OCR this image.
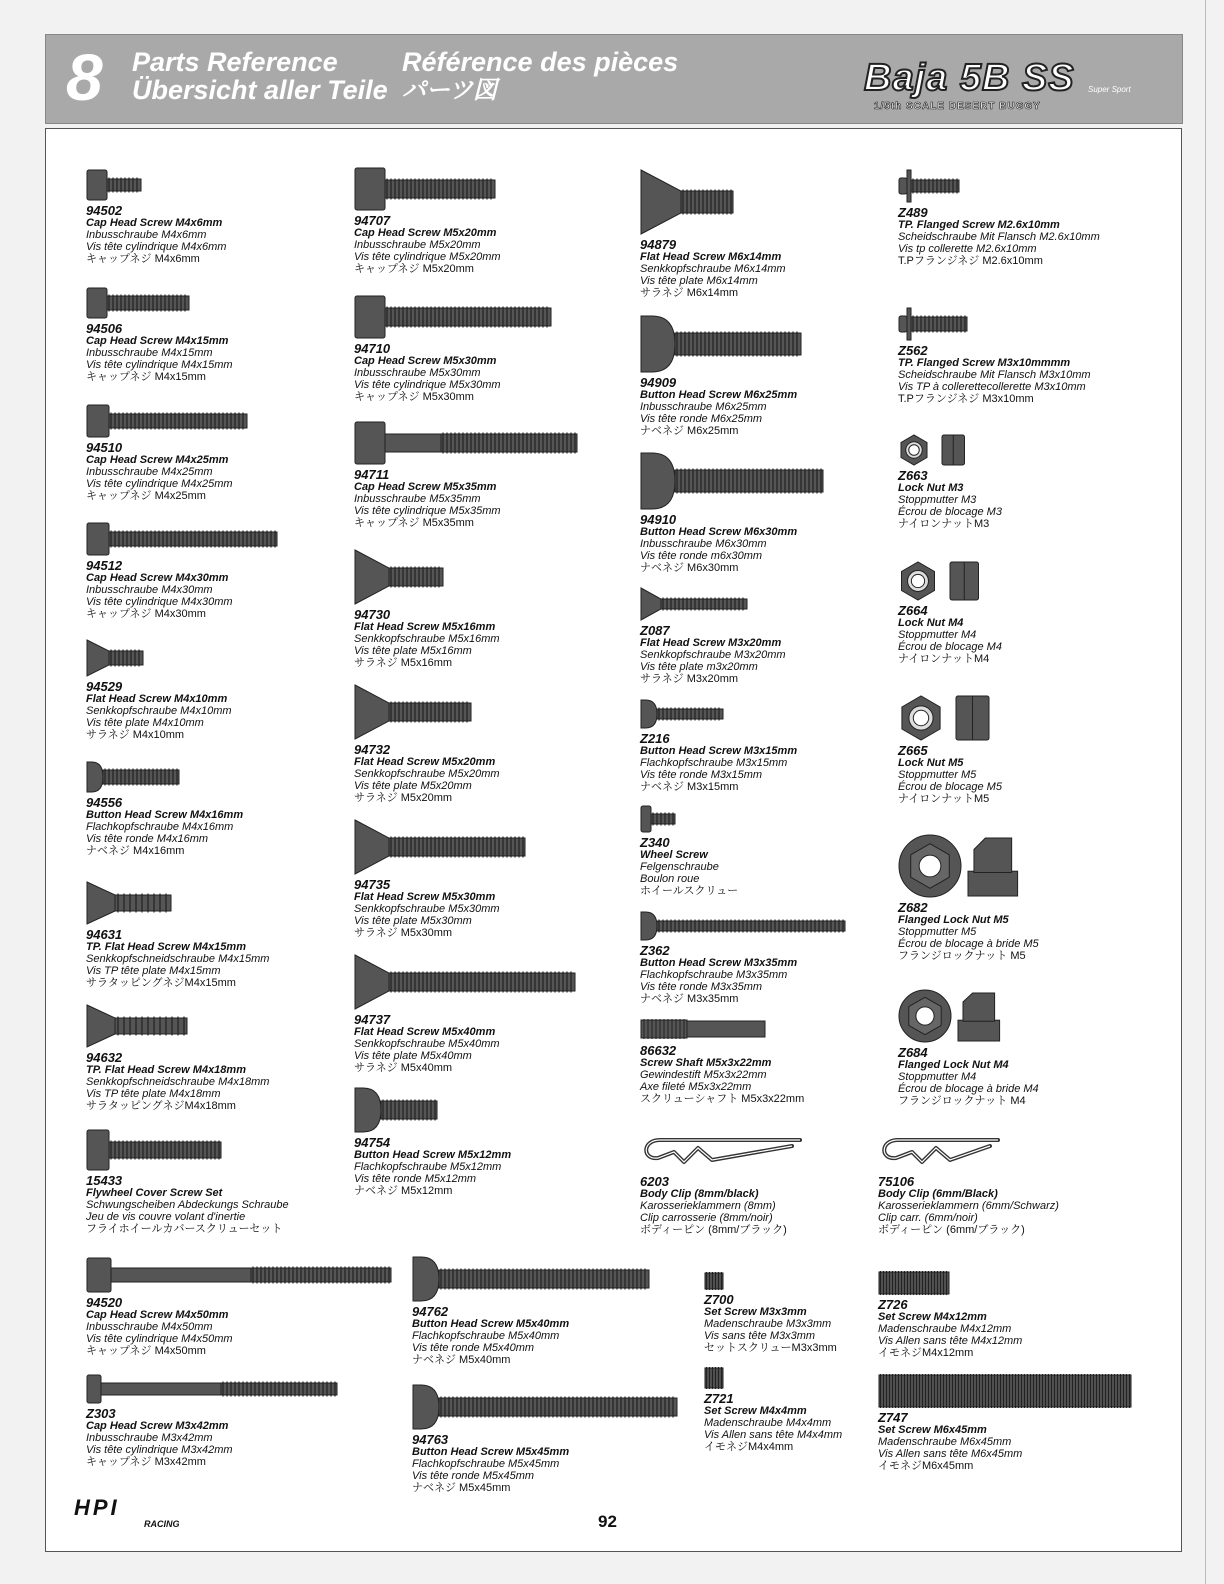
8 Parts Reference
Übersicht aller Teile
Référence des pièces
パーツ図	Baja 5B SS Super Sport
1/5th SCALE DESERT BUGGY
HPI
RACING	92
94502
Cap Head Screw M4x6mm
Inbusschraube M4x6mm
Vis tête cylindrique M4x6mm
キャップネジ M4x6mm
94506
Cap Head Screw M4x15mm
Inbusschraube M4x15mm
Vis tête cylindrique M4x15mm
キャップネジ M4x15mm
94510
Cap Head Screw M4x25mm
Inbusschraube M4x25mm
Vis tête cylindrique M4x25mm
キャップネジ M4x25mm
94512
Cap Head Screw M4x30mm
Inbusschraube M4x30mm
Vis tête cylindrique M4x30mm
キャップネジ M4x30mm
94529
Flat Head Screw M4x10mm
Senkkopfschraube M4x10mm
Vis tête plate M4x10mm
サラネジ M4x10mm
94556
Button Head Screw M4x16mm
Flachkopfschraube M4x16mm
Vis tête ronde M4x16mm
ナベネジ M4x16mm
94631
TP. Flat Head Screw M4x15mm
Senkkopfschneidschraube M4x15mm
Vis TP tête plate M4x15mm
サラタッピングネジM4x15mm
94632
TP. Flat Head Screw M4x18mm
Senkkopfschneidschraube M4x18mm
Vis TP tête plate M4x18mm
サラタッピングネジM4x18mm
15433
Flywheel Cover Screw Set
Schwungscheiben Abdeckungs Schraube
Jeu de vis couvre volant d'inertie
フライホイールカバースクリューセット
94520
Cap Head Screw M4x50mm
Inbusschraube M4x50mm
Vis tête cylindrique M4x50mm
キャップネジ M4x50mm
Z303
Cap Head Screw M3x42mm
Inbusschraube M3x42mm
Vis tête cylindrique M3x42mm
キャップネジ M3x42mm
94707
Cap Head Screw M5x20mm
Inbusschraube M5x20mm
Vis tête cylindrique M5x20mm
キャップネジ M5x20mm
94710
Cap Head Screw M5x30mm
Inbusschraube M5x30mm
Vis tête cylindrique M5x30mm
キャップネジ M5x30mm
94711
Cap Head Screw M5x35mm
Inbusschraube M5x35mm
Vis tête cylindrique M5x35mm
キャップネジ M5x35mm
94730
Flat Head Screw M5x16mm
Senkkopfschraube M5x16mm
Vis tête plate M5x16mm
サラネジ M5x16mm
94732
Flat Head Screw M5x20mm
Senkkopfschraube M5x20mm
Vis tête plate M5x20mm
サラネジ M5x20mm
94735
Flat Head Screw M5x30mm
Senkkopfschraube M5x30mm
Vis tête plate M5x30mm
サラネジ M5x30mm
94737
Flat Head Screw M5x40mm
Senkkopfschraube M5x40mm
Vis tête plate M5x40mm
サラネジ M5x40mm
94754
Button Head Screw M5x12mm
Flachkopfschraube M5x12mm
Vis tête ronde M5x12mm
ナベネジ M5x12mm
94762
Button Head Screw M5x40mm
Flachkopfschraube M5x40mm
Vis tête ronde M5x40mm
ナベネジ M5x40mm
94763
Button Head Screw M5x45mm
Flachkopfschraube M5x45mm
Vis tête ronde M5x45mm
ナベネジ M5x45mm
94879
Flat Head Screw M6x14mm
Senkkopfschraube M6x14mm
Vis tête plate M6x14mm
サラネジ M6x14mm
94909
Button Head Screw M6x25mm
Inbusschraube M6x25mm
Vis tête ronde M6x25mm
ナベネジ M6x25mm
94910
Button Head Screw M6x30mm
Inbusschraube M6x30mm
Vis tête ronde m6x30mm
ナベネジ M6x30mm
Z087
Flat Head Screw M3x20mm
Senkkopfschraube M3x20mm
Vis tête plate m3x20mm
サラネジ M3x20mm
Z216
Button Head Screw M3x15mm
Flachkopfschraube M3x15mm
Vis tête ronde M3x15mm
ナベネジ M3x15mm
Z340
Wheel Screw
Felgenschraube
Boulon roue
ホイールスクリュー
Z362
Button Head Screw M3x35mm
Flachkopfschraube M3x35mm
Vis tête ronde M3x35mm
ナベネジ M3x35mm
86632
Screw Shaft M5x3x22mm
Gewindestift M5x3x22mm
Axe fileté M5x3x22mm
スクリューシャフト M5x3x22mm
6203
Body Clip (8mm/black)
Karosserieklammern (8mm)
Clip carrosserie (8mm/noir)
ボディーピン (8mm/ブラック)
Z700
Set Screw M3x3mm
Madenschraube M3x3mm
Vis sans tête M3x3mm
セットスクリューM3x3mm
Z721
Set Screw M4x4mm
Madenschraube M4x4mm
Vis Allen sans tête M4x4mm
イモネジM4x4mm
Z489
TP. Flanged Screw M2.6x10mm
Scheidschraube Mit Flansch M2.6x10mm
Vis tp collerette M2.6x10mm
T.Pフランジネジ M2.6x10mm
Z562
TP. Flanged Screw M3x10mmmm
Scheidschraube Mit Flansch M3x10mm
Vis TP à collerettecollerette M3x10mm
T.Pフランジネジ M3x10mm
Z663
Lock Nut M3
Stoppmutter M3
Écrou de blocage M3
ナイロンナットM3
Z664
Lock Nut M4
Stoppmutter M4
Écrou de blocage M4
ナイロンナットM4
Z665
Lock Nut M5
Stoppmutter M5
Écrou de blocage M5
ナイロンナットM5
Z682
Flanged Lock Nut M5
Stoppmutter M5
Écrou de blocage à bride M5
フランジロックナット M5
Z684
Flanged Lock Nut M4
Stoppmutter M4
Écrou de blocage à bride M4
フランジロックナット M4
75106
Body Clip (6mm/Black)
Karosserieklammern (6mm/Schwarz)
Clip carr. (6mm/noir)
ボディーピン (6mm/ブラック)
Z726
Set Screw M4x12mm
Madenschraube M4x12mm
Vis Allen sans tête M4x12mm
イモネジM4x12mm
Z747
Set Screw M6x45mm
Madenschraube M6x45mm
Vis Allen sans tête M6x45mm
イモネジM6x45mm
